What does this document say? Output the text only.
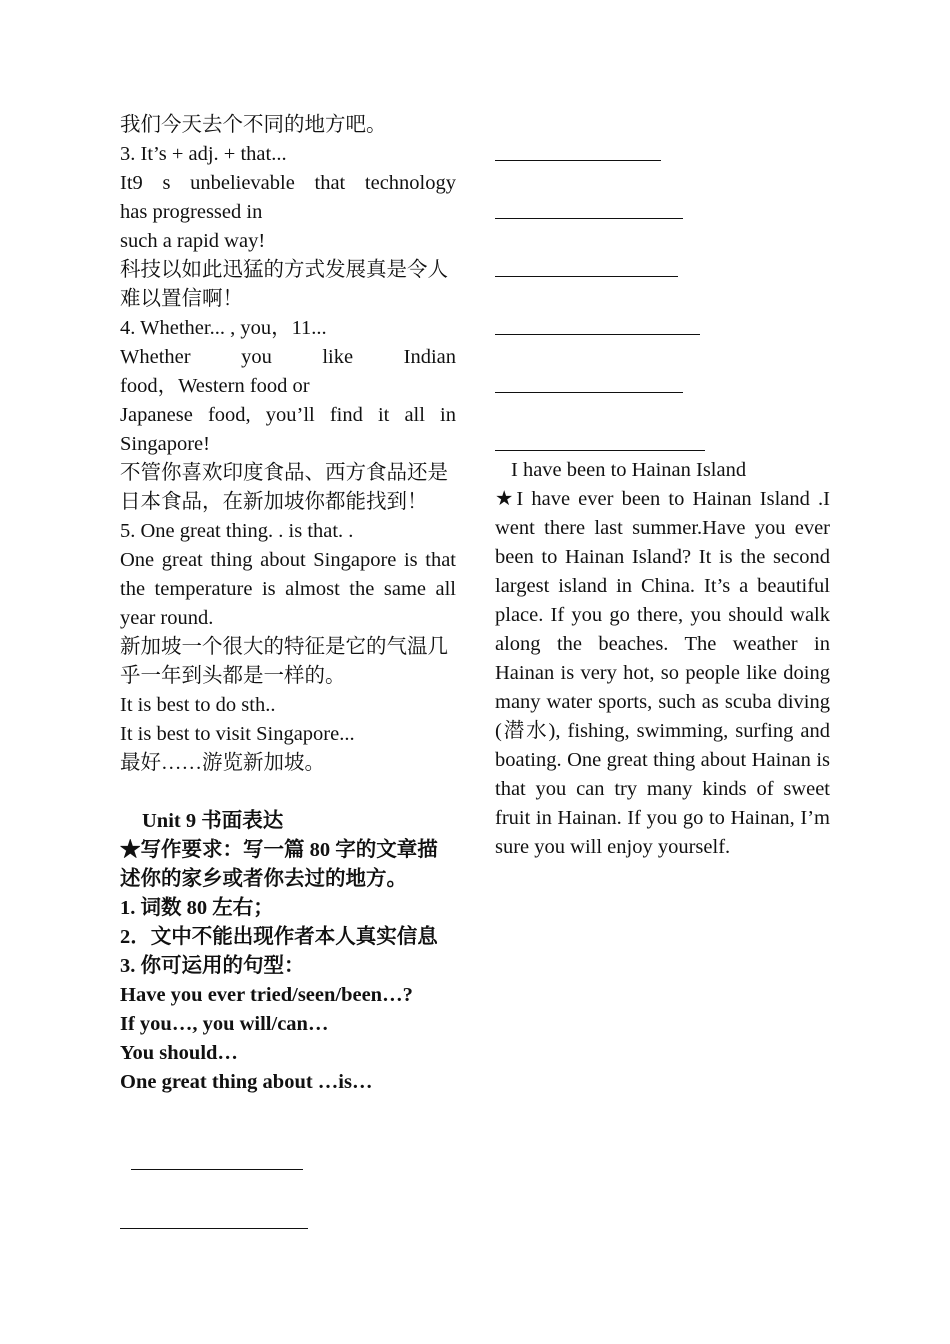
我们今天去个不同的地方吧。

3. It’s + adj. + that...

It9 s unbelievable that technology

has progressed in

such a rapid way!

科技以如此迅猛的方式发展真是令人难以置信啊！

4. Whether... , you，11...

Whether you like Indian

food，Western food or

Japanese food, you’ll find it all in Singapore!

不管你喜欢印度食品、西方食品还是日本食品，在新加坡你都能找到！

5. One great thing. . is that. .

One great thing about Singapore is that the temperature is almost the same all year round.

新加坡一个很大的特征是它的气温几乎一年到头都是一样的。

It is best to do sth..

It is best to visit Singapore...

最好……游览新加坡。

Unit 9 书面表达

★写作要求：写一篇 80 字的文章描述你的家乡或者你去过的地方。

1. 词数 80 左右；

2．文中不能出现作者本人真实信息

3. 你可运用的句型：

Have you ever tried/seen/been…?

If you…, you will/can…

You should…

One great thing about …is…

I have been to Hainan Island

★I have ever been to Hainan Island .I went there last summer.Have you ever been to Hainan Island? It is the second largest island in China. It’s a beautiful place. If you go there, you should walk along the beaches. The weather in Hainan is very hot, so people like doing many water sports, such as scuba diving (潜水), fishing, swimming, surfing and boating. One great thing about Hainan is that you can try many kinds of sweet fruit in Hainan. If you go to Hainan, I’m sure you will enjoy yourself.
